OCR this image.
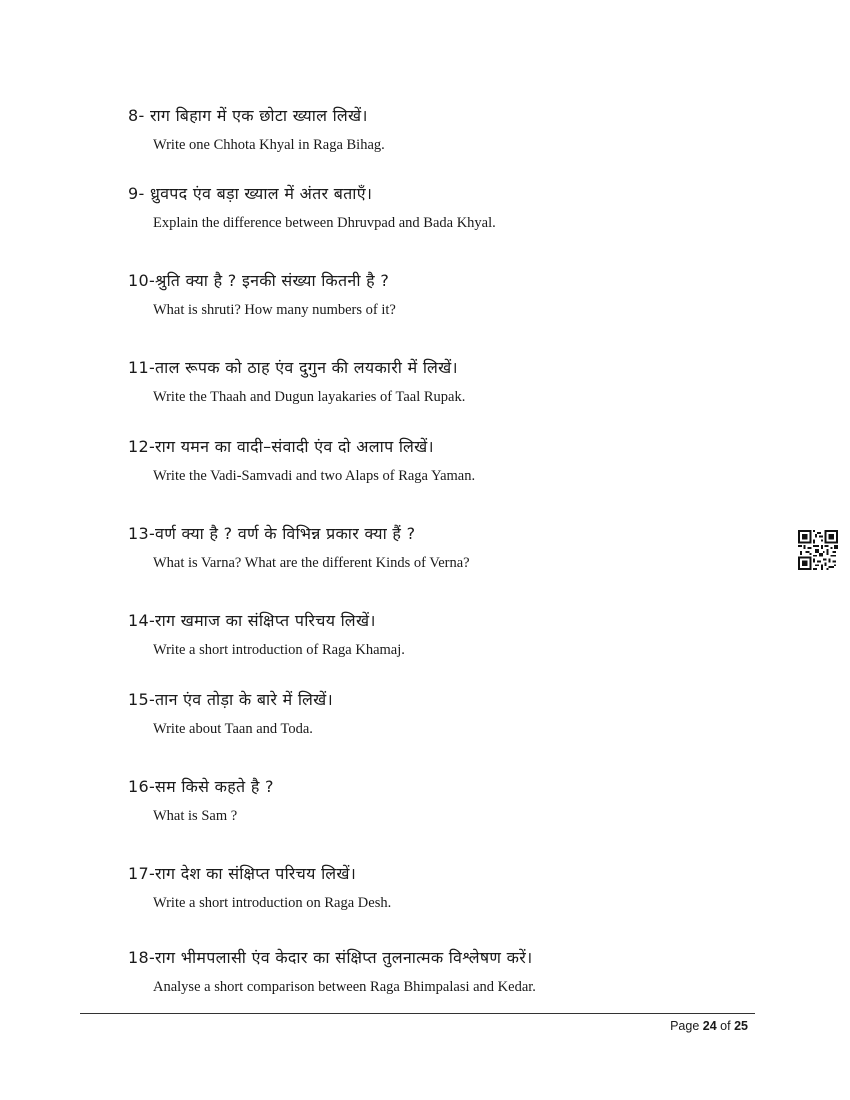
8- राग बिहाग में एक छोटा ख्याल लिखें।
Write one Chhota Khyal in Raga Bihag.
9- ध्रुवपद एंव बड़ा ख्याल में अंतर बताएँ।
Explain the difference between Dhruvpad and Bada Khyal.
10-श्रुति क्या है ? इनकी संख्या कितनी है ?
What is shruti? How many numbers of it?
11-ताल रूपक को ठाह एंव दुगुन की लयकारी में लिखें।
Write the Thaah and Dugun layakaries of Taal Rupak.
12-राग यमन का वादी–संवादी एंव दो अलाप लिखें।
Write the Vadi-Samvadi and two Alaps of Raga Yaman.
13-वर्ण क्या है ? वर्ण के विभिन्न प्रकार क्या हैं ?
What is Varna? What are the different Kinds of Verna?
14-राग खमाज का संक्षिप्त परिचय लिखें।
Write a short introduction of Raga Khamaj.
15-तान एंव तोड़ा के बारे में लिखें।
Write about Taan and Toda.
16-सम किसे कहते है ?
What is Sam ?
17-राग देश का संक्षिप्त परिचय लिखें।
Write a short introduction on Raga Desh.
18-राग भीमपलासी एंव केदार का संक्षिप्त तुलनात्मक विश्लेषण करें।
Analyse a short comparison between Raga Bhimpalasi and Kedar.
Page 24 of 25
